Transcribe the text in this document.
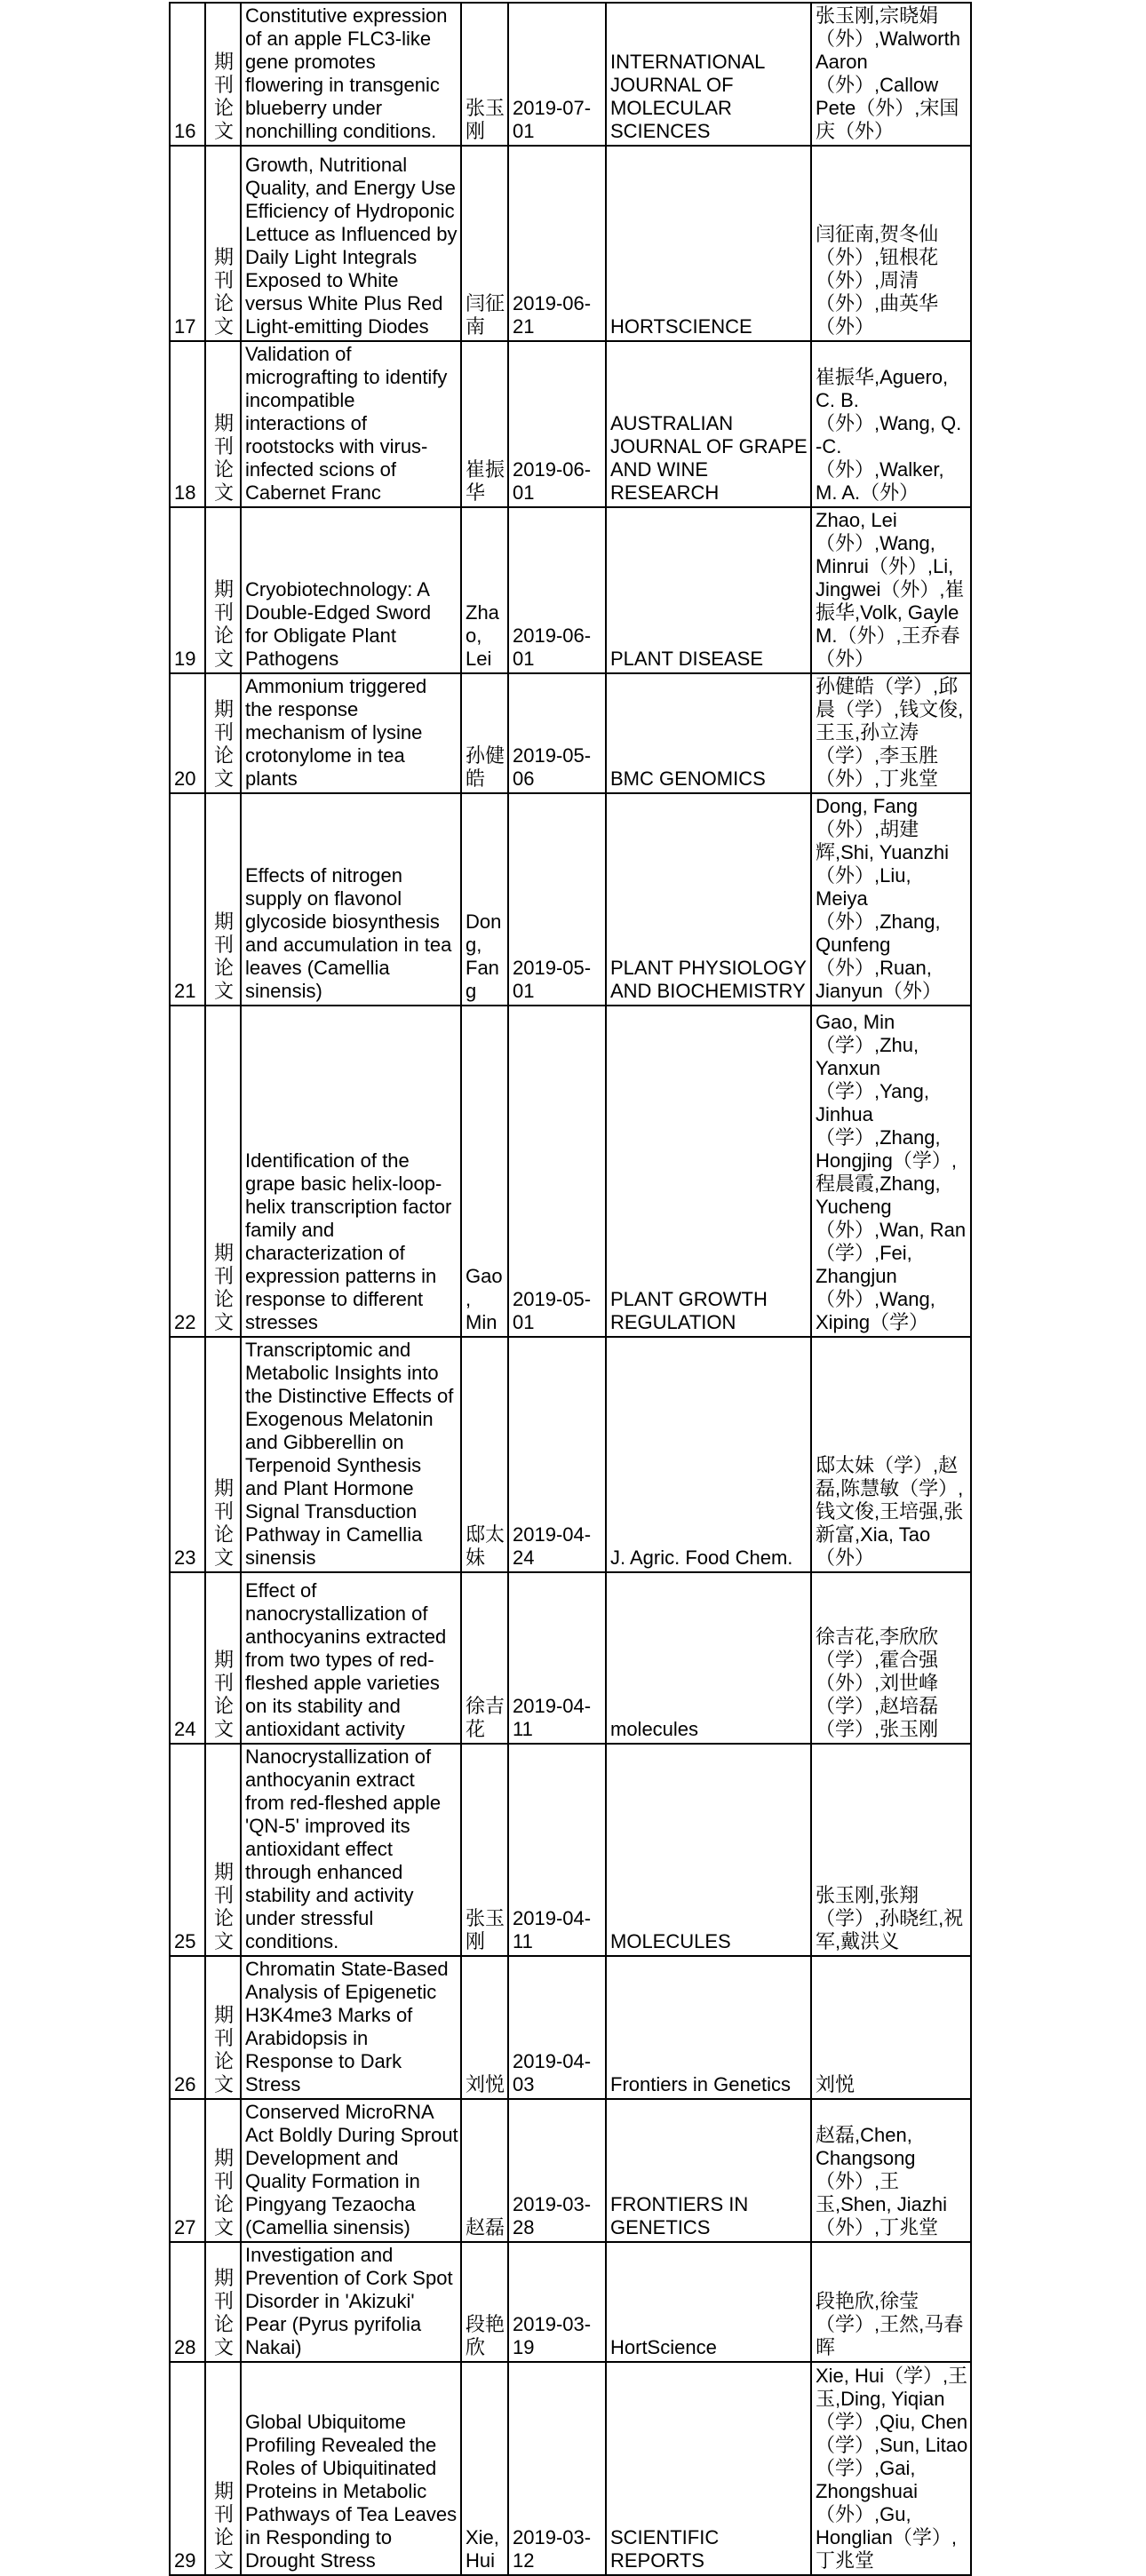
16	期刊论文	Constitutive expression of an apple FLC3-like gene promotes flowering in transgenic blueberry under nonchilling conditions.	张玉刚	2019-07-01	INTERNATIONAL JOURNAL OF MOLECULAR SCIENCES	张玉刚,宗晓娟（外）,Walworth Aaron（外）,Callow Pete（外）,宋国庆（外）
17	期刊论文	Growth, Nutritional Quality, and Energy Use Efficiency of Hydroponic Lettuce as Influenced by Daily Light Integrals Exposed to White versus White Plus Red Light-emitting Diodes	闫征南	2019-06-21	HORTSCIENCE	闫征南,贺冬仙（外）,钮根花（外）,周清（外）,曲英华（外）
18	期刊论文	Validation of micrografting to identify incompatible interactions of rootstocks with virus-infected scions of Cabernet Franc	崔振华	2019-06-01	AUSTRALIAN JOURNAL OF GRAPE AND WINE RESEARCH	崔振华,Aguero, C. B.（外）,Wang, Q. -C.（外）,Walker, M. A.（外）
19	期刊论文	Cryobiotechnology: A Double-Edged Sword for Obligate Plant Pathogens	Zhao, Lei	2019-06-01	PLANT DISEASE	Zhao, Lei（外）,Wang, Minrui（外）,Li, Jingwei（外）,崔振华,Volk, Gayle M.（外）,王乔春（外）
20	期刊论文	Ammonium triggered the response mechanism of lysine crotonylome in tea plants	孙健皓	2019-05-06	BMC GENOMICS	孙健皓（学）,邱晨（学）,钱文俊,王玉,孙立涛（学）,李玉胜（外）,丁兆堂
21	期刊论文	Effects of nitrogen supply on flavonol glycoside biosynthesis and accumulation in tea leaves (Camellia sinensis)	Dong, Fang	2019-05-01	PLANT PHYSIOLOGY AND BIOCHEMISTRY	Dong, Fang（外）,胡建辉,Shi, Yuanzhi（外）,Liu, Meiya（外）,Zhang, Qunfeng（外）,Ruan, Jianyun（外）
22	期刊论文	Identification of the grape basic helix-loop-helix transcription factor family and characterization of expression patterns in response to different stresses	Gao, Min	2019-05-01	PLANT GROWTH REGULATION	Gao, Min（学）,Zhu, Yanxun（学）,Yang, Jinhua（学）,Zhang, Hongjing（学）,程晨霞,Zhang, Yucheng（外）,Wan, Ran（学）,Fei, Zhangjun（外）,Wang, Xiping（学）
23	期刊论文	Transcriptomic and Metabolic Insights into the Distinctive Effects of Exogenous Melatonin and Gibberellin on Terpenoid Synthesis and Plant Hormone Signal Transduction Pathway in Camellia sinensis	邸太妹	2019-04-24	J. Agric. Food Chem.	邸太妹（学）,赵磊,陈慧敏（学）,钱文俊,王培强,张新富,Xia, Tao（外）
24	期刊论文	Effect of nanocrystallization of anthocyanins extracted from two types of red-fleshed apple varieties on its stability and antioxidant activity	徐吉花	2019-04-11	molecules	徐吉花,李欣欣（学）,霍合强（外）,刘世峰（学）,赵培磊（学）,张玉刚
25	期刊论文	Nanocrystallization of anthocyanin extract from red-fleshed apple 'QN-5' improved its antioxidant effect through enhanced stability and activity under stressful conditions.	张玉刚	2019-04-11	MOLECULES	张玉刚,张翔（学）,孙晓红,祝军,戴洪义
26	期刊论文	Chromatin State-Based Analysis of Epigenetic H3K4me3 Marks of Arabidopsis in Response to Dark Stress	刘悦	2019-04-03	Frontiers in Genetics	刘悦
27	期刊论文	Conserved MicroRNA Act Boldly During Sprout Development and Quality Formation in Pingyang Tezaocha (Camellia sinensis)	赵磊	2019-03-28	FRONTIERS IN GENETICS	赵磊,Chen, Changsong（外）,王玉,Shen, Jiazhi（外）,丁兆堂
28	期刊论文	Investigation and Prevention of Cork Spot Disorder in 'Akizuki' Pear (Pyrus pyrifolia Nakai)	段艳欣	2019-03-19	HortScience	段艳欣,徐莹（学）,王然,马春晖
29	期刊论文	Global Ubiquitome Profiling Revealed the Roles of Ubiquitinated Proteins in Metabolic Pathways of Tea Leaves in Responding to Drought Stress	Xie, Hui	2019-03-12	SCIENTIFIC REPORTS	Xie, Hui（学）,王玉,Ding, Yiqian（学）,Qiu, Chen（学）,Sun, Litao（学）,Gai, Zhongshuai（外）,Gu, Honglian（学）,丁兆堂
